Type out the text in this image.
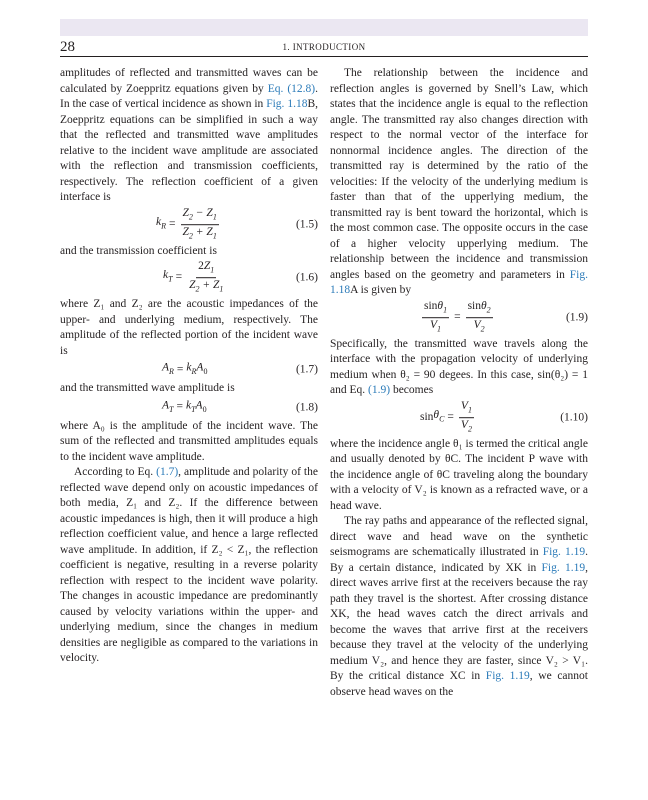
28	1. INTRODUCTION

amplitudes of reflected and transmitted waves can be calculated by Zoeppritz equations given by Eq. (12.8). In the case of vertical incidence as shown in Fig. 1.18B, Zoeppritz equations can be simplified in such a way that the reflected and transmitted wave amplitudes relative to the incident wave amplitude are associated with the reflection and transmission coefficients, respectively. The reflection coefficient of a given interface is

$k_R = \frac{Z_2 - Z_1}{Z_2 + Z_1}$	(1.5)

and the transmission coefficient is

$k_T = \frac{2Z_1}{Z_2 + Z_1}$	(1.6)

where Z₁ and Z₂ are the acoustic impedances of the upper- and underlying medium, respectively. The amplitude of the reflected portion of the incident wave is

$A_R = k_RA_0$	(1.7)

and the transmitted wave amplitude is

$A_T = k_TA_0$	(1.8)

where A₀ is the amplitude of the incident wave. The sum of the reflected and transmitted amplitudes equals to the incident wave amplitude.

According to Eq. (1.7), amplitude and polarity of the reflected wave depend only on acoustic impedances of both media, Z₁ and Z₂. If the difference between acoustic impedances is high, then it will produce a high reflection coefficient value, and hence a large reflected wave amplitude. In addition, if Z₂ < Z₁, the reflection coefficient is negative, resulting in a reverse polarity reflection with respect to the incident wave polarity. The changes in acoustic impedance are predominantly caused by velocity variations within the upper- and underlying medium, since the changes in medium densities are negligible as compared to the variations in velocity.

The relationship between the incidence and reflection angles is governed by Snell’s Law, which states that the incidence angle is equal to the reflection angle. The transmitted ray also changes direction with respect to the normal vector of the interface for nonnormal incidence angles. The direction of the transmitted ray is determined by the ratio of the velocities: If the velocity of the underlying medium is faster than that of the upperlying medium, the transmitted ray is bent toward the horizontal, which is the most common case. The opposite occurs in the case of a higher velocity upperlying medium. The relationship between the incidence and transmission angles based on the geometry and parameters in Fig. 1.18A is given by

$\frac{\sin\theta_1}{V_1} = \frac{\sin\theta_2}{V_2}$	(1.9)

Specifically, the transmitted wave travels along the interface with the propagation velocity of underlying medium when θ₂ = 90 degees. In this case, sin(θ₂) = 1 and Eq. (1.9) becomes

$\sin \theta_C = \frac{V_1}{V_2}$	(1.10)

where the incidence angle θ₁ is termed the critical angle and usually denoted by θC. The incident P wave with the incidence angle of θC traveling along the boundary with a velocity of V₂ is known as a refracted wave, or a head wave.

The ray paths and appearance of the reflected signal, direct wave and head wave on the synthetic seismograms are schematically illustrated in Fig. 1.19. By a certain distance, indicated by XK in Fig. 1.19, direct waves arrive first at the receivers because the ray path they travel is the shortest. After crossing distance XK, the head waves catch the direct arrivals and become the waves that arrive first at the receivers because they travel at the velocity of the underlying medium V₂, and hence they are faster, since V₂ > V₁. By the critical distance XC in Fig. 1.19, we cannot observe head waves on the
